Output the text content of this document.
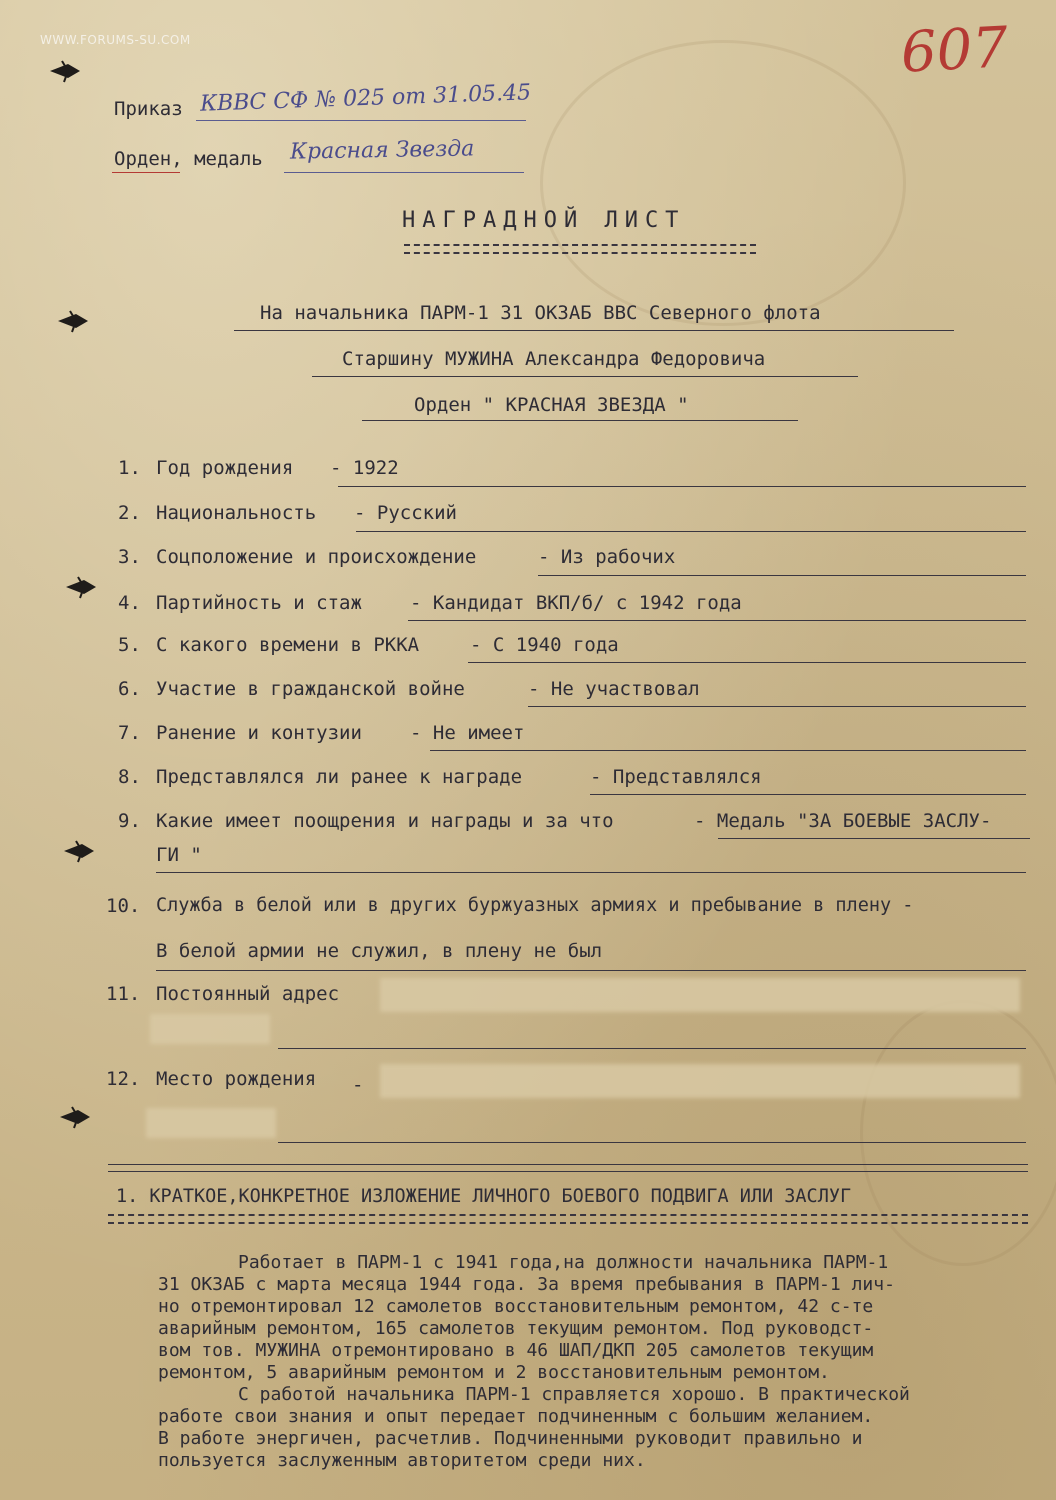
WWW.FORUMS-SU.COM	607
Приказ КВВС СФ № 025 от 31.05.45
Орден, медаль Красная Звезда
НАГРАДНОЙ ЛИСТ
На начальника ПАРМ-1 31 ОКЗАБ ВВС Северного флота
Старшину МУЖИНА Александра Федоровича
Орден " КРАСНАЯ ЗВЕЗДА "
1. Год рождения - 1922
2. Национальность - Русский
3. Соцположение и происхождение	- Из рабочих
4. Партийность и стаж	- Кандидат ВКП/б/ с 1942 года
5. С какого времени в РККА	- С 1940 года
6. Участие в гражданской войне	- Не участвовал
7. Ранение и контузии	- Не имеет
8. Представлялся ли ранее к награде	- Представлялся
9. Какие имеет поощрения и награды и за что	- Медаль "ЗА БОЕВЫЕ ЗАСЛУ-
ГИ "
10. Служба в белой или в других буржуазных армиях и пребывание в плену -
В белой армии не служил, в плену не был
11. Постоянный адрес
12. Место рождения -
1. КРАТКОЕ,КОНКРЕТНОЕ ИЗЛОЖЕНИЕ ЛИЧНОГО БОЕВОГО ПОДВИГА ИЛИ ЗАСЛУГ
Работает в ПАРМ-1 с 1941 года,на должности начальника ПАРМ-1
31 ОКЗАБ с марта месяца 1944 года. За время пребывания в ПАРМ-1 лич-
но отремонтировал 12 самолетов восстановительным ремонтом, 42 с-те
аварийным ремонтом, 165 самолетов текущим ремонтом. Под руководст-
вом тов. МУЖИНА отремонтировано в 46 ШАП/ДКП 205 самолетов текущим
ремонтом, 5 аварийным ремонтом и 2 восстановительным ремонтом.
С работой начальника ПАРМ-1 справляется хорошо. В практической
работе свои знания и опыт передает подчиненным с большим желанием.
В работе энергичен, расчетлив. Подчиненными руководит правильно и
пользуется заслуженным авторитетом среди них.
